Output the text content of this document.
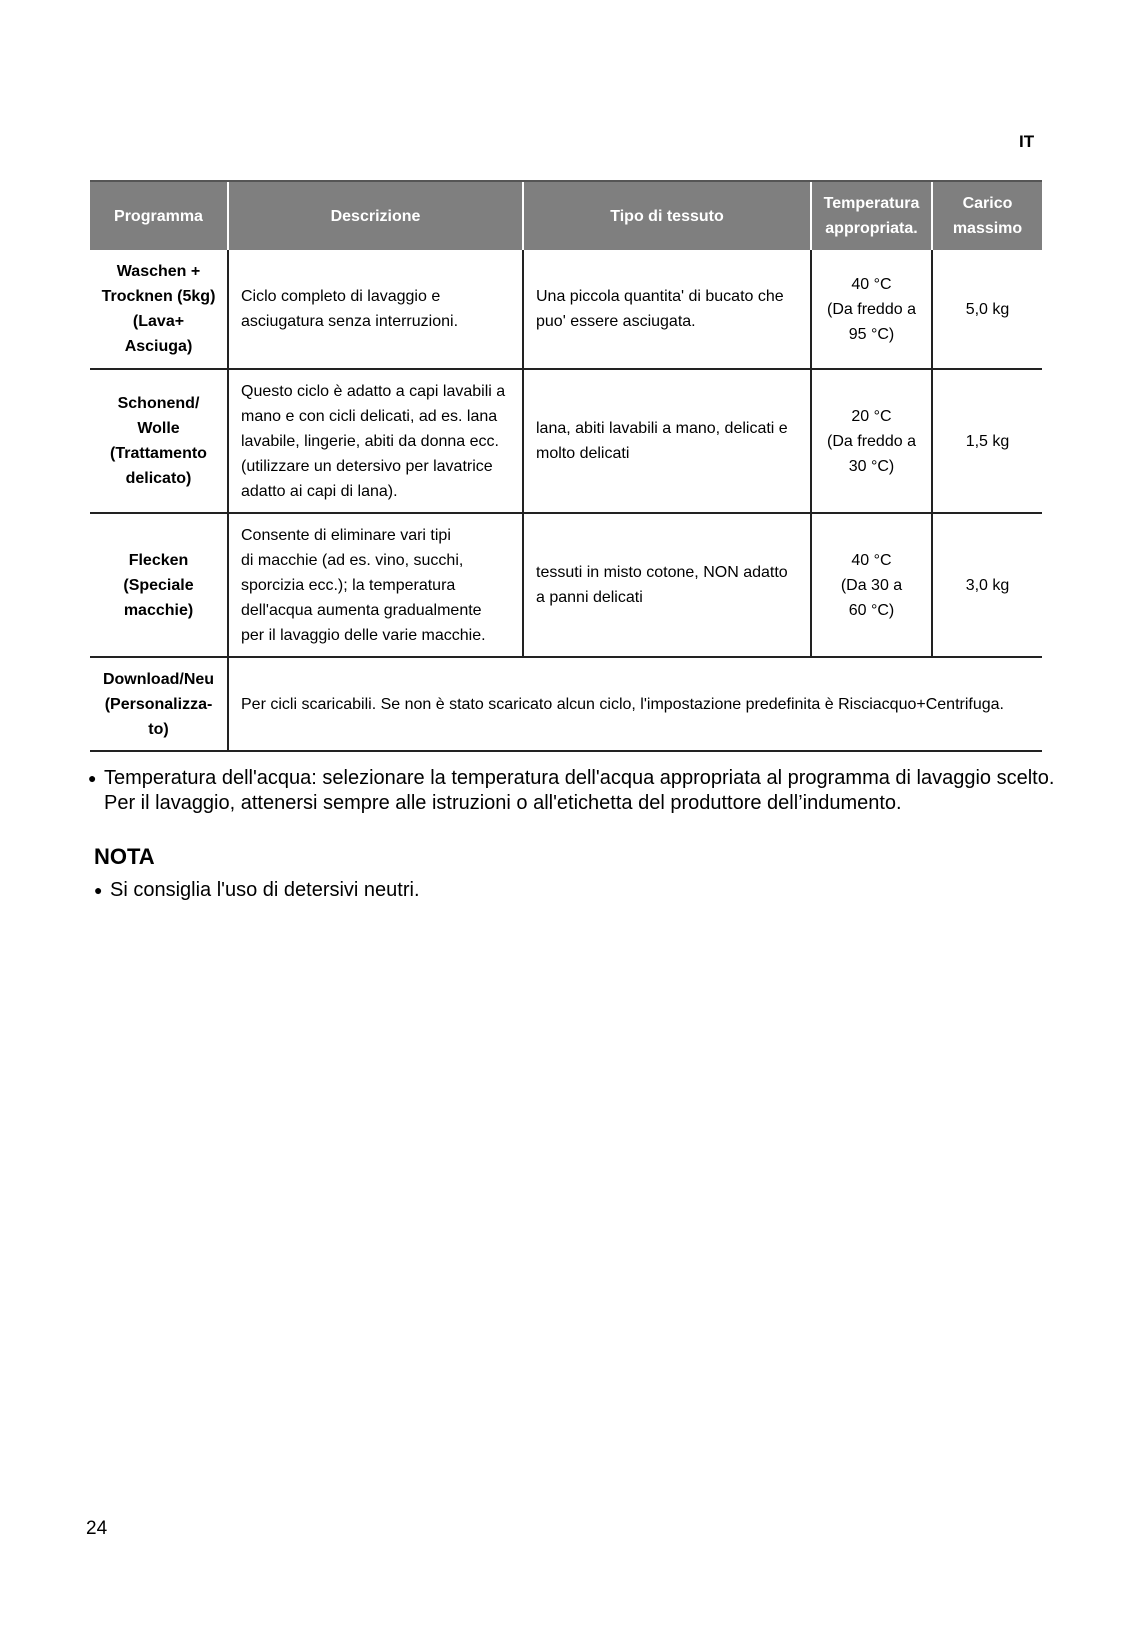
IT
Programma	Descrizione	Tipo di tessuto	Temperatura appropriata.	Carico massimo
Waschen +
Trocknen (5kg)
(Lava+
Asciuga)	Ciclo completo di lavaggio e
asciugatura senza interruzioni.	Una piccola quantita' di bucato che
puo' essere asciugata.	40 °C
(Da freddo a
95 °C)	5,0 kg
Schonend/
Wolle
(Trattamento
delicato)	Questo ciclo è adatto a capi lavabili a
mano e con cicli delicati, ad es. lana
lavabile, lingerie, abiti da donna ecc.
(utilizzare un detersivo per lavatrice
adatto ai capi di lana).	lana, abiti lavabili a mano, delicati e
molto delicati	20 °C
(Da freddo a
30 °C)	1,5 kg
Flecken
(Speciale
macchie)	Consente di eliminare vari tipi
di macchie (ad es. vino, succhi,
sporcizia ecc.); la temperatura
dell'acqua aumenta gradualmente
per il lavaggio delle varie macchie.	tessuti in misto cotone, NON adatto
a panni delicati	40 °C
(Da 30 a
60 °C)	3,0 kg
Download/Neu
(Personalizza-
to)	Per cicli scaricabili. Se non è stato scaricato alcun ciclo, l'impostazione predefinita è Risciacquo+Centrifuga.			
● Temperatura dell'acqua: selezionare la temperatura dell'acqua appropriata al programma di lavaggio scelto. Per il lavaggio, attenersi sempre alle istruzioni o all'etichetta del produttore dell’indumento.
NOTA
● Si consiglia l'uso di detersivi neutri.
24
